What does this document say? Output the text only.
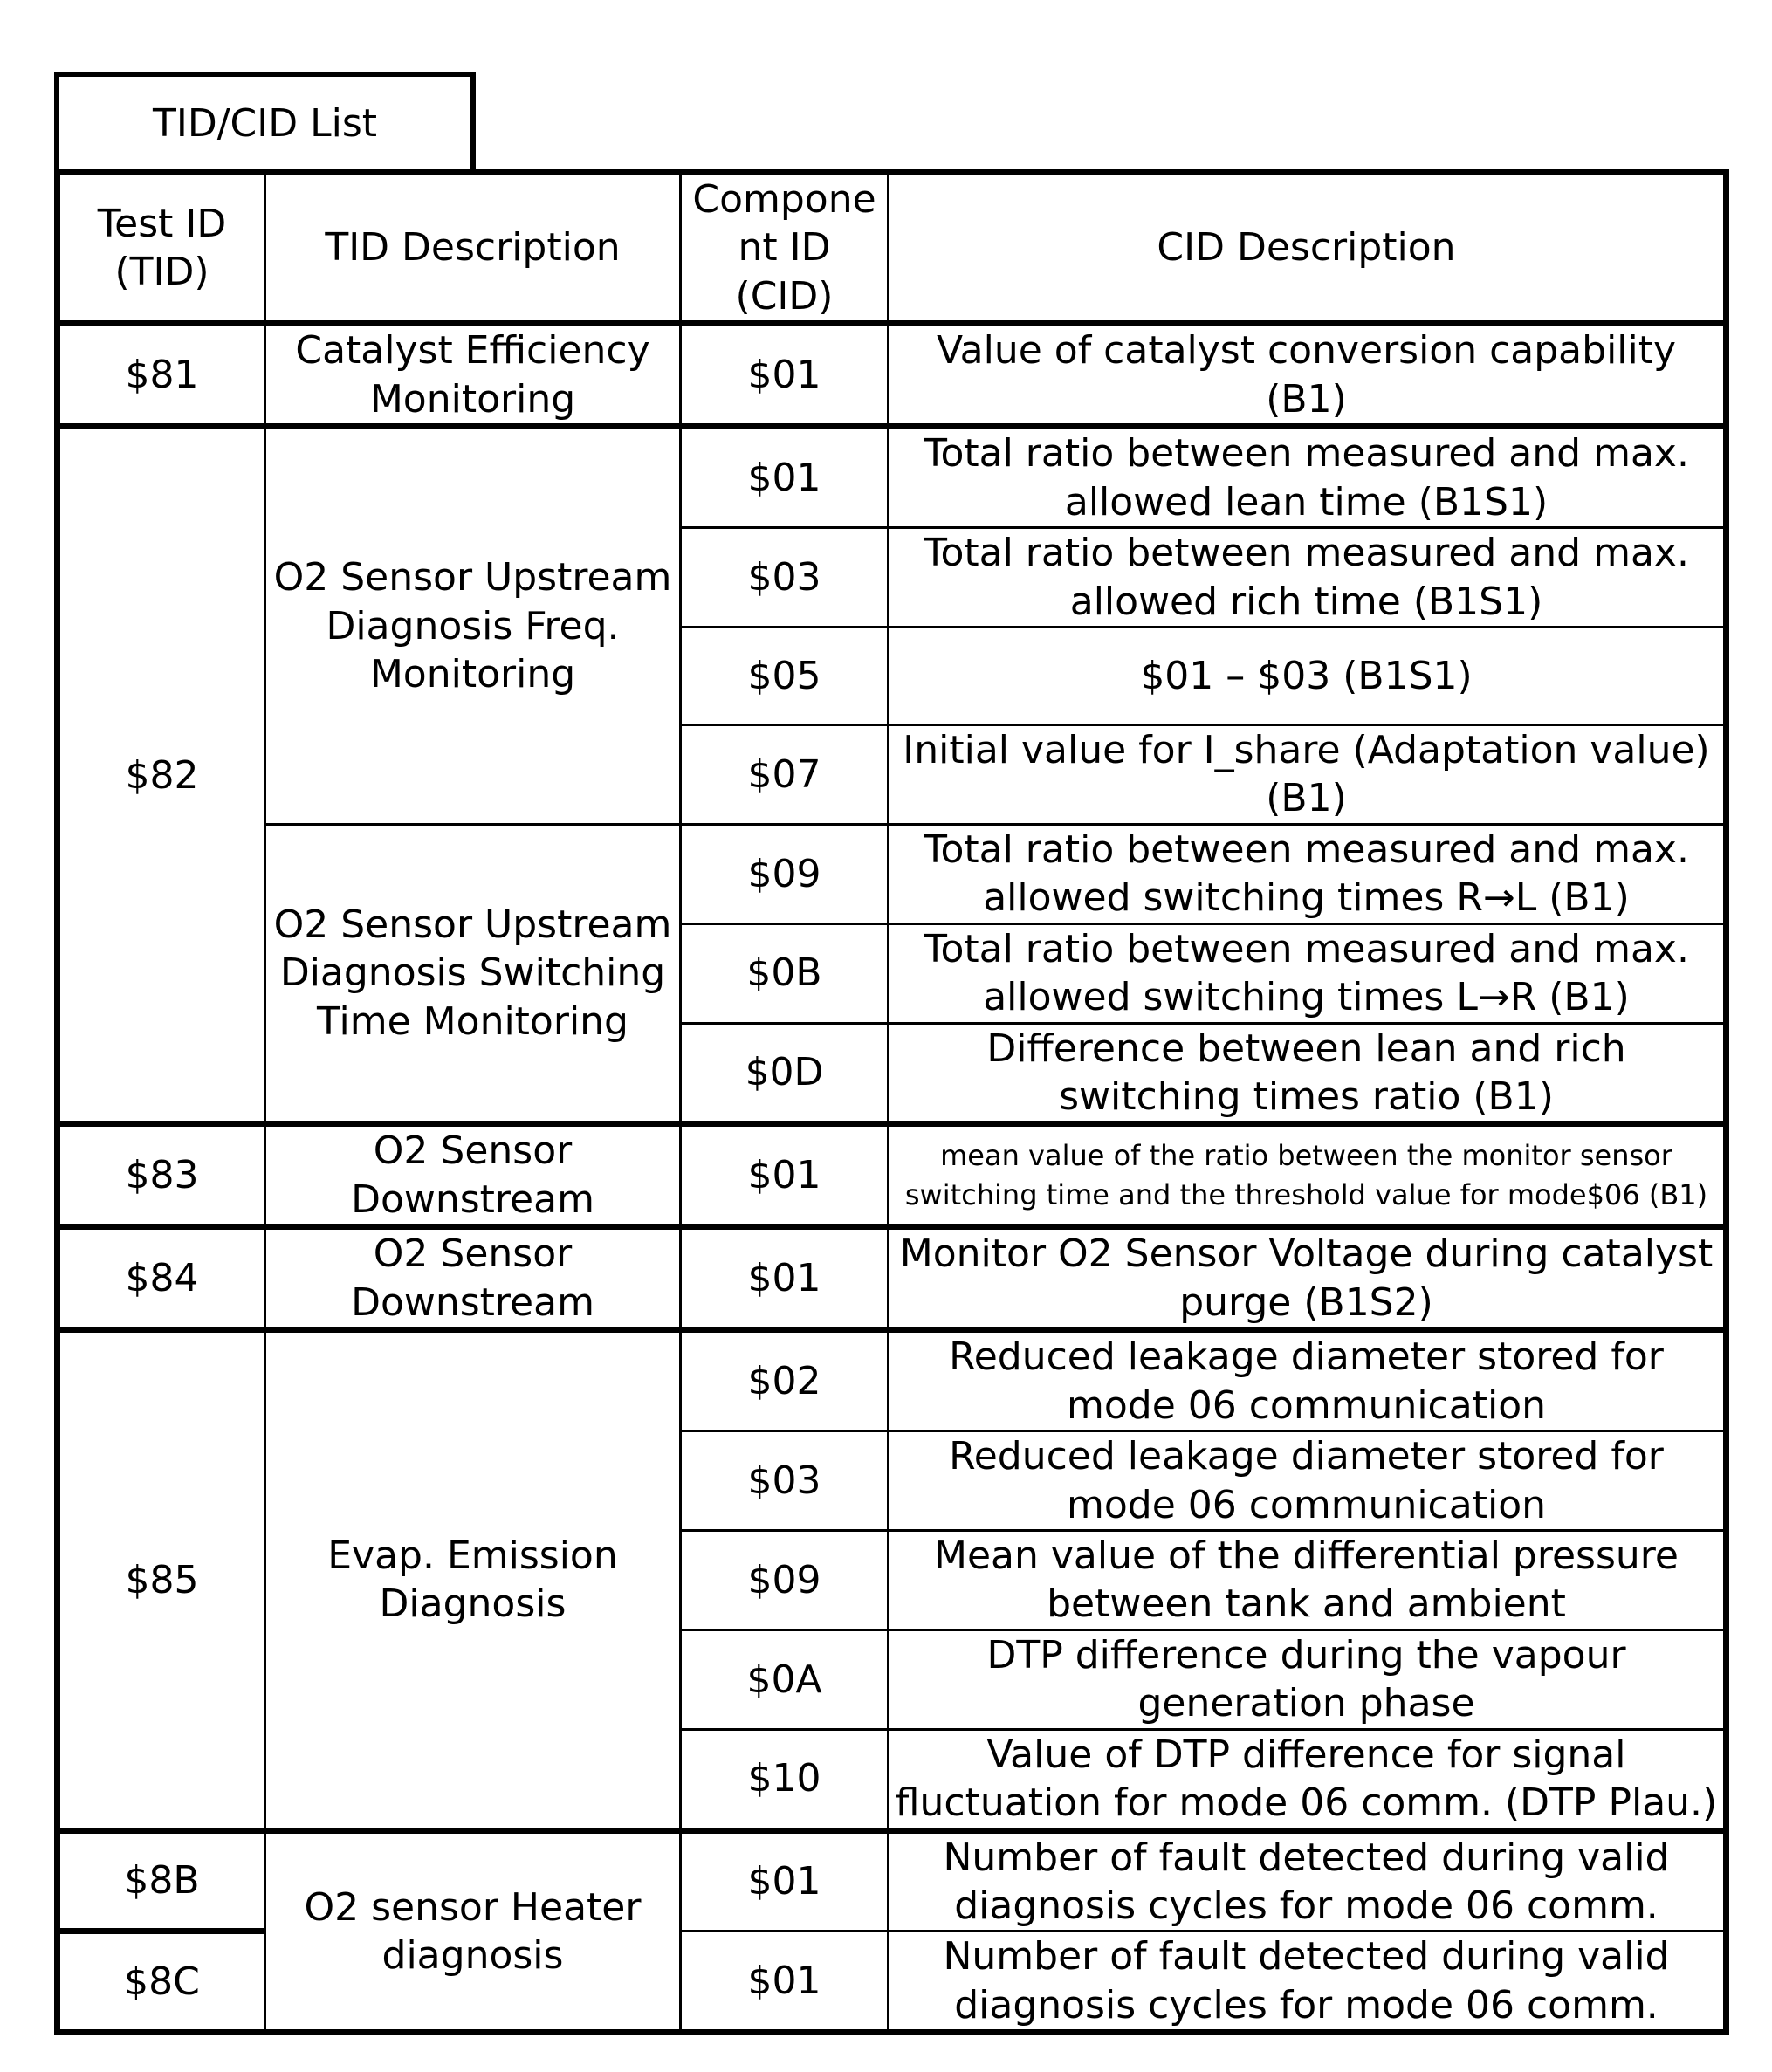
TID/CID List
Test ID (TID)	TID Description	Compone nt ID (CID)	CID Description
$81	Catalyst Efficiency Monitoring	$01	Value of catalyst conversion capability (B1)
$82	O2 Sensor Upstream Diagnosis Freq. Monitoring	$01	Total ratio between measured and max. allowed lean time (B1S1)
		$03	Total ratio between measured and max. allowed rich time (B1S1)
		$05	$01 – $03 (B1S1)
		$07	Initial value for I_share (Adaptation value) (B1)
	O2 Sensor Upstream Diagnosis Switching Time Monitoring	$09	Total ratio between measured and max. allowed switching times R→L (B1)
		$0B	Total ratio between measured and max. allowed switching times L→R (B1)
		$0D	Difference between lean and rich switching times ratio (B1)
$83	O2 Sensor Downstream	$01	mean value of the ratio between the monitor sensor switching time and the threshold value for mode$06 (B1)
$84	O2 Sensor Downstream	$01	Monitor O2 Sensor Voltage during catalyst purge (B1S2)
$85	Evap. Emission Diagnosis	$02	Reduced leakage diameter stored for mode 06 communication
		$03	Reduced leakage diameter stored for mode 06 communication
		$09	Mean value of the differential pressure between tank and ambient
		$0A	DTP difference during the vapour generation phase
		$10	Value of DTP difference for signal fluctuation for mode 06 comm. (DTP Plau.)
$8B	O2 sensor Heater diagnosis	$01	Number of fault detected during valid diagnosis cycles for mode 06 comm.
$8C		$01	Number of fault detected during valid diagnosis cycles for mode 06 comm.
